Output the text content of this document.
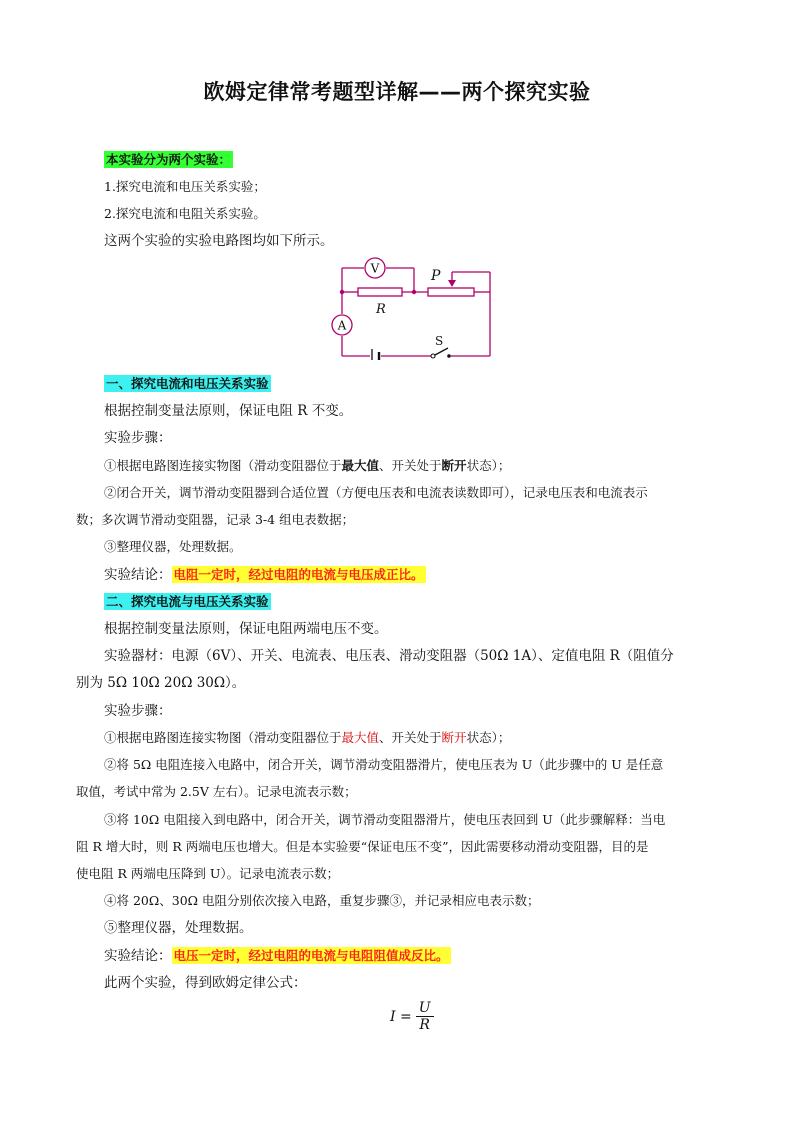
欧姆定律常考题型详解——两个探究实验
本实验分为两个实验：
1.探究电流和电压关系实验；
2.探究电流和电阻关系实验。
这两个实验的实验电路图均如下所示。
V	P
R
A
S
一、探究电流和电压关系实验
根据控制变量法原则，保证电阻 R 不变。
实验步骤：
①根据电路图连接实物图（滑动变阻器位于最大值、开关处于断开状态）；
②闭合开关，调节滑动变阻器到合适位置（方便电压表和电流表读数即可），记录电压表和电流表示
数；多次调节滑动变阻器，记录 3-4 组电表数据；
③整理仪器，处理数据。
实验结论： 电阻一定时，经过电阻的电流与电压成正比。
二、探究电流与电压关系实验
根据控制变量法原则，保证电阻两端电压不变。
实验器材：电源（6V）、开关、电流表、电压表、滑动变阻器（50Ω 1A）、定值电阻 R（阻值分
别为 5Ω 10Ω 20Ω 30Ω）。
实验步骤：
①根据电路图连接实物图（滑动变阻器位于最大值、开关处于断开状态）；
②将 5Ω 电阻连接入电路中，闭合开关，调节滑动变阻器滑片，使电压表为 U（此步骤中的 U 是任意
取值，考试中常为 2.5V 左右）。记录电流表示数；
③将 10Ω 电阻接入到电路中，闭合开关，调节滑动变阻器滑片，使电压表回到 U（此步骤解释：当电
阻 R 增大时，则 R 两端电压也增大。但是本实验要“保证电压不变”，因此需要移动滑动变阻器，目的是
使电阻 R 两端电压降到 U）。记录电流表示数；
④将 20Ω、30Ω 电阻分别依次接入电路，重复步骤③，并记录相应电表示数；
⑤整理仪器，处理数据。
实验结论： 电压一定时，经过电阻的电流与电阻阻值成反比。
此两个实验，得到欧姆定律公式：
I =	U
R
